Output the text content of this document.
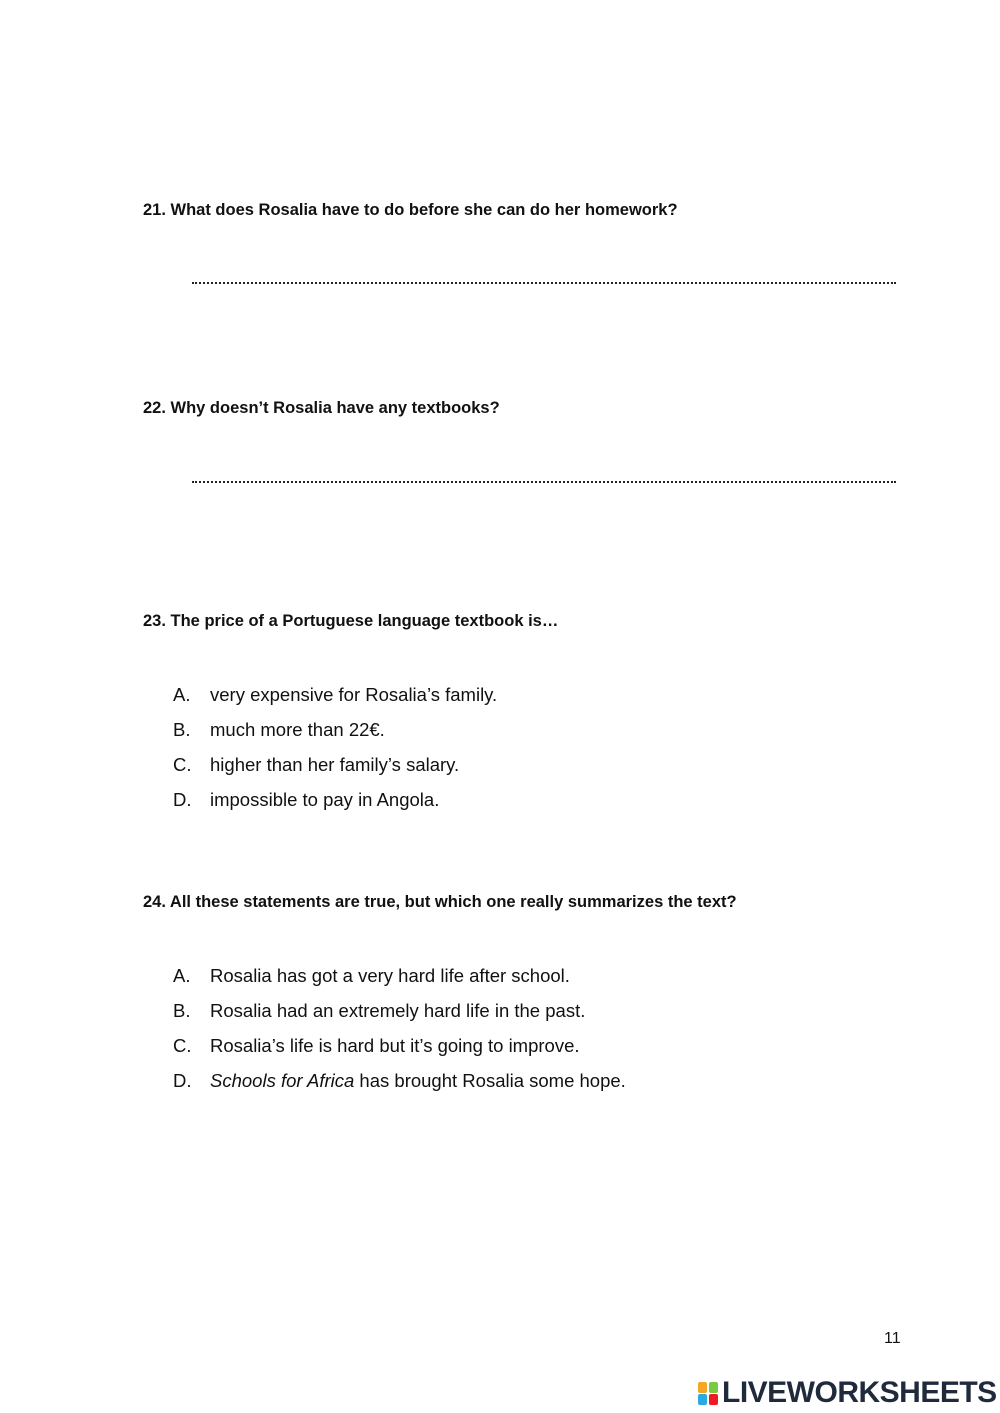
21. What does Rosalia have to do before she can do her homework?
22. Why doesn’t Rosalia have any textbooks?
23. The price of a Portuguese language textbook is…
A.	very expensive for Rosalia’s family.
B.	much more than 22€.
C.	higher than her family’s salary.
D.	impossible to pay in Angola.
24. All these statements are true, but which one really summarizes the text?
A.	Rosalia has got a very hard life after school.
B.	Rosalia had an extremely hard life in the past.
C.	Rosalia’s life is hard but it’s going to improve.
D.	Schools for Africa has brought Rosalia some hope.
11
LIVEWORKSHEETS
